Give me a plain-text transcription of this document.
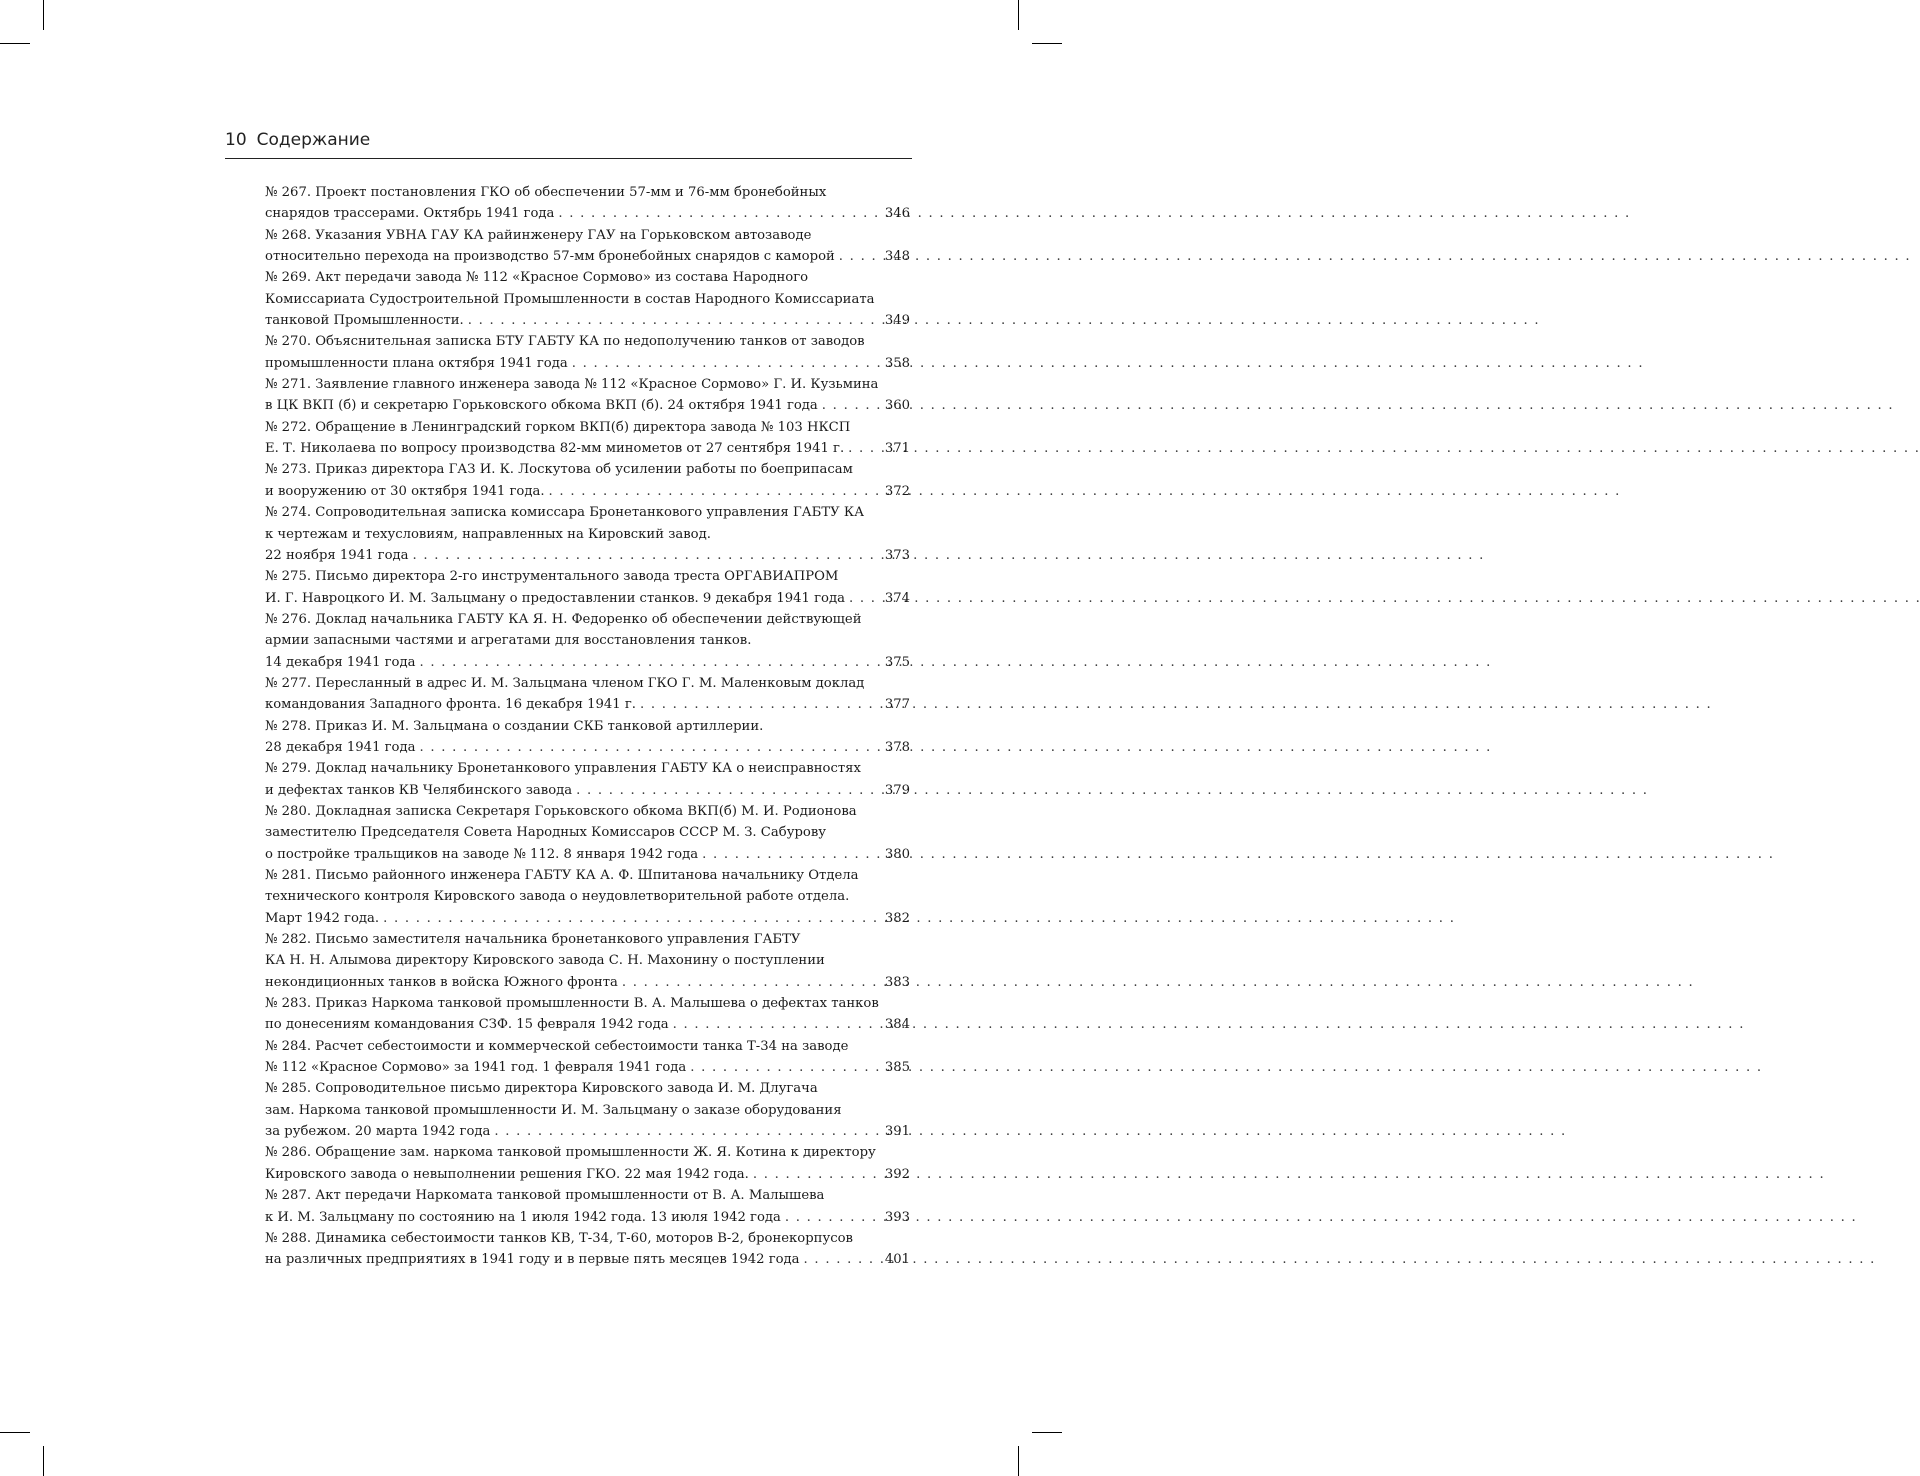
10 Содержание
№ 267. Проект постановления ГКО об обеспечении 57-мм и 76-мм бронебойных
снарядов трассерами. Октябрь 1941 года . . .	346
№ 268. Указания УВНА ГАУ КА райинженеру ГАУ на Горьковском автозаводе
относительно перехода на производство 57-мм бронебойных снарядов с каморой . . .	348
№ 269. Акт передачи завода № 112 «Красное Сормово» из состава Народного
Комиссариата Судостроительной Промышленности в состав Народного Комиссариата
танковой Промышленности. . . .	349
№ 270. Объяснительная записка БТУ ГАБТУ КА по недополучению танков от заводов
промышленности плана октября 1941 года . . .	358
№ 271. Заявление главного инженера завода № 112 «Красное Сормово» Г. И. Кузьмина
в ЦК ВКП (б) и секретарю Горьковского обкома ВКП (б). 24 октября 1941 года . . .	360
№ 272. Обращение в Ленинградский горком ВКП(б) директора завода № 103 НКСП
Е. Т. Николаева по вопросу производства 82-мм минометов от 27 сентября 1941 г. . . .	371
№ 273. Приказ директора ГАЗ И. К. Лоскутова об усилении работы по боеприпасам
и вооружению от 30 октября 1941 года. . . .	372
№ 274. Сопроводительная записка комиссара Бронетанкового управления ГАБТУ КА
к чертежам и техусловиям, направленных на Кировский завод.
22 ноября 1941 года . . .	373
№ 275. Письмо директора 2-го инструментального завода треста ОРГАВИАПРОМ
И. Г. Навроцкого И. М. Зальцману о предоставлении станков. 9 декабря 1941 года . . .	374
№ 276. Доклад начальника ГАБТУ КА Я. Н. Федоренко об обеспечении действующей
армии запасными частями и агрегатами для восстановления танков.
14 декабря 1941 года . . .	375
№ 277. Пересланный в адрес И. М. Зальцмана членом ГКО Г. М. Маленковым доклад
командования Западного фронта. 16 декабря 1941 г. . . .	377
№ 278. Приказ И. М. Зальцмана о создании СКБ танковой артиллерии.
28 декабря 1941 года . . .	378
№ 279. Доклад начальнику Бронетанкового управления ГАБТУ КА о неисправностях
и дефектах танков КВ Челябинского завода . . .	379
№ 280. Докладная записка Секретаря Горьковского обкома ВКП(б) М. И. Родионова
заместителю Председателя Совета Народных Комиссаров СССР М. З. Сабурову
о постройке тральщиков на заводе № 112. 8 января 1942 года . . .	380
№ 281. Письмо районного инженера ГАБТУ КА А. Ф. Шпитанова начальнику Отдела
технического контроля Кировского завода о неудовлетворительной работе отдела.
Март 1942 года. . . .	382
№ 282. Письмо заместителя начальника бронетанкового управления ГАБТУ
КА Н. Н. Алымова директору Кировского завода С. Н. Махонину о поступлении
некондиционных танков в войска Южного фронта . . .	383
№ 283. Приказ Наркома танковой промышленности В. А. Малышева о дефектах танков
по донесениям командования СЗФ. 15 февраля 1942 года . . .	384
№ 284. Расчет себестоимости и коммерческой себестоимости танка Т-34 на заводе
№ 112 «Красное Сормово» за 1941 год. 1 февраля 1941 года . . .	385
№ 285. Сопроводительное письмо директора Кировского завода И. М. Длугача
зам. Наркома танковой промышленности И. М. Зальцману о заказе оборудования
за рубежом. 20 марта 1942 года . . .	391
№ 286. Обращение зам. наркома танковой промышленности Ж. Я. Котина к директору
Кировского завода о невыполнении решения ГКО. 22 мая 1942 года. . . .	392
№ 287. Акт передачи Наркомата танковой промышленности от В. А. Малышева
к И. М. Зальцману по состоянию на 1 июля 1942 года. 13 июля 1942 года . . .	393
№ 288. Динамика себестоимости танков КВ, Т-34, Т-60, моторов В-2, бронекорпусов
на различных предприятиях в 1941 году и в первые пять месяцев 1942 года . . .	401
